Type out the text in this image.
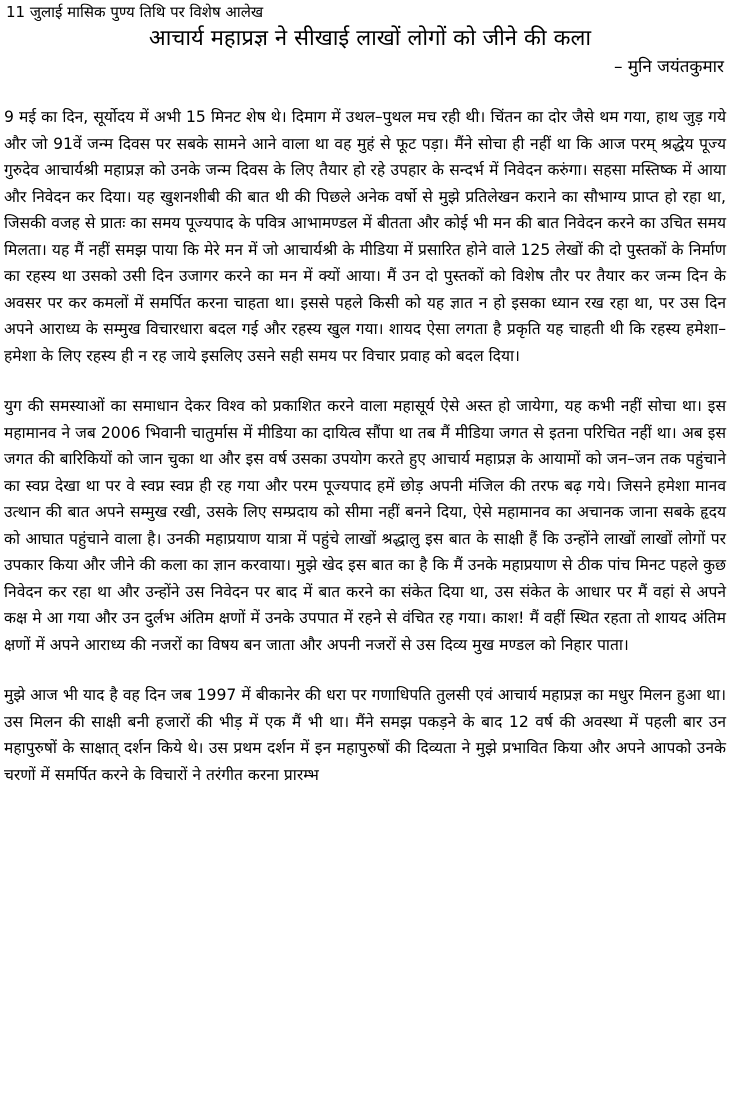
11 जुलाई मासिक पुण्य तिथि पर विशेष आलेख
आचार्य महाप्रज्ञ ने सीखाई लाखों लोगों को जीने की कला
– मुनि जयंतकुमार

9 मई का दिन, सूर्योदय में अभी 15 मिनट शेष थे। दिमाग में उथल–पुथल मच रही थी। चिंतन का दोर जैसे थम गया, हाथ जुड़ गये और जो 91वें जन्म दिवस पर सबके सामने आने वाला था वह मुहं से फूट पड़ा। मैंने सोचा ही नहीं था कि आज परम् श्रद्धेय पूज्य गुरुदेव आचार्यश्री महाप्रज्ञ को उनके जन्म दिवस के लिए तैयार हो रहे उपहार के सन्दर्भ में निवेदन करुंगा। सहसा मस्तिष्क में आया और निवेदन कर दिया। यह खुशनशीबी की बात थी की पिछले अनेक वर्षो से मुझे प्रतिलेखन कराने का सौभाग्य प्राप्त हो रहा था, जिसकी वजह से प्रातः का समय पूज्यपाद के पवित्र आभामण्डल में बीतता और कोई भी मन की बात निवेदन करने का उचित समय मिलता। यह मैं नहीं समझ पाया कि मेरे मन में जो आचार्यश्री के मीडिया में प्रसारित होने वाले 125 लेखों की दो पुस्तकों के निर्माण का रहस्य था उसको उसी दिन उजागर करने का मन में क्यों आया। मैं उन दो पुस्तकों को विशेष तौर पर तैयार कर जन्म दिन के अवसर पर कर कमलों में समर्पित करना चाहता था। इससे पहले किसी को यह ज्ञात न हो इसका ध्यान रख रहा था, पर उस दिन अपने आराध्य के सम्मुख विचारधारा बदल गई और रहस्य खुल गया। शायद ऐसा लगता है प्रकृति यह चाहती थी कि रहस्य हमेशा–हमेशा के लिए रहस्य ही न रह जाये इसलिए उसने सही समय पर विचार प्रवाह को बदल दिया।

युग की समस्याओं का समाधान देकर विश्व को प्रकाशित करने वाला महासूर्य ऐसे अस्त हो जायेगा, यह कभी नहीं सोचा था। इस महामानव ने जब 2006 भिवानी चातुर्मास में मीडिया का दायित्व सौंपा था तब मैं मीडिया जगत से इतना परिचित नहीं था। अब इस जगत की बारिकियों को जान चुका था और इस वर्ष उसका उपयोग करते हुए आचार्य महाप्रज्ञ के आयामों को जन–जन तक पहुंचाने का स्वप्न देखा था पर वे स्वप्न स्वप्न ही रह गया और परम पूज्यपाद हमें छोड़ अपनी मंजिल की तरफ बढ़ गये। जिसने हमेशा मानव उत्थान की बात अपने सम्मुख रखी, उसके लिए सम्प्रदाय को सीमा नहीं बनने दिया, ऐसे महामानव का अचानक जाना सबके हृदय को आघात पहुंचाने वाला है। उनकी महाप्रयाण यात्रा में पहुंचे लाखों श्रद्धालु इस बात के साक्षी हैं कि उन्होंने लाखों लाखों लोगों पर उपकार किया और जीने की कला का ज्ञान करवाया। मुझे खेद इस बात का है कि मैं उनके महाप्रयाण से ठीक पांच मिनट पहले कुछ निवेदन कर रहा था और उन्होंने उस निवेदन पर बाद में बात करने का संकेत दिया था, उस संकेत के आधार पर मैं वहां से अपने कक्ष मे आ गया और उन दुर्लभ अंतिम क्षणों में उनके उपपात में रहने से वंचित रह गया। काश! मैं वहीं स्थित रहता तो शायद अंतिम क्षणों में अपने आराध्य की नजरों का विषय बन जाता और अपनी नजरों से उस दिव्य मुख मण्डल को निहार पाता।

मुझे आज भी याद है वह दिन जब 1997 में बीकानेर की धरा पर गणाधिपति तुलसी एवं आचार्य महाप्रज्ञ का मधुर मिलन हुआ था। उस मिलन की साक्षी बनी हजारों की भीड़ में एक मैं भी था। मैंने समझ पकड़ने के बाद 12 वर्ष की अवस्था में पहली बार उन महापुरुषों के साक्षात् दर्शन किये थे। उस प्रथम दर्शन में इन महापुरुषों की दिव्यता ने मुझे प्रभावित किया और अपने आपको उनके चरणों में समर्पित करने के विचारों ने तरंगीत करना प्रारम्भ
